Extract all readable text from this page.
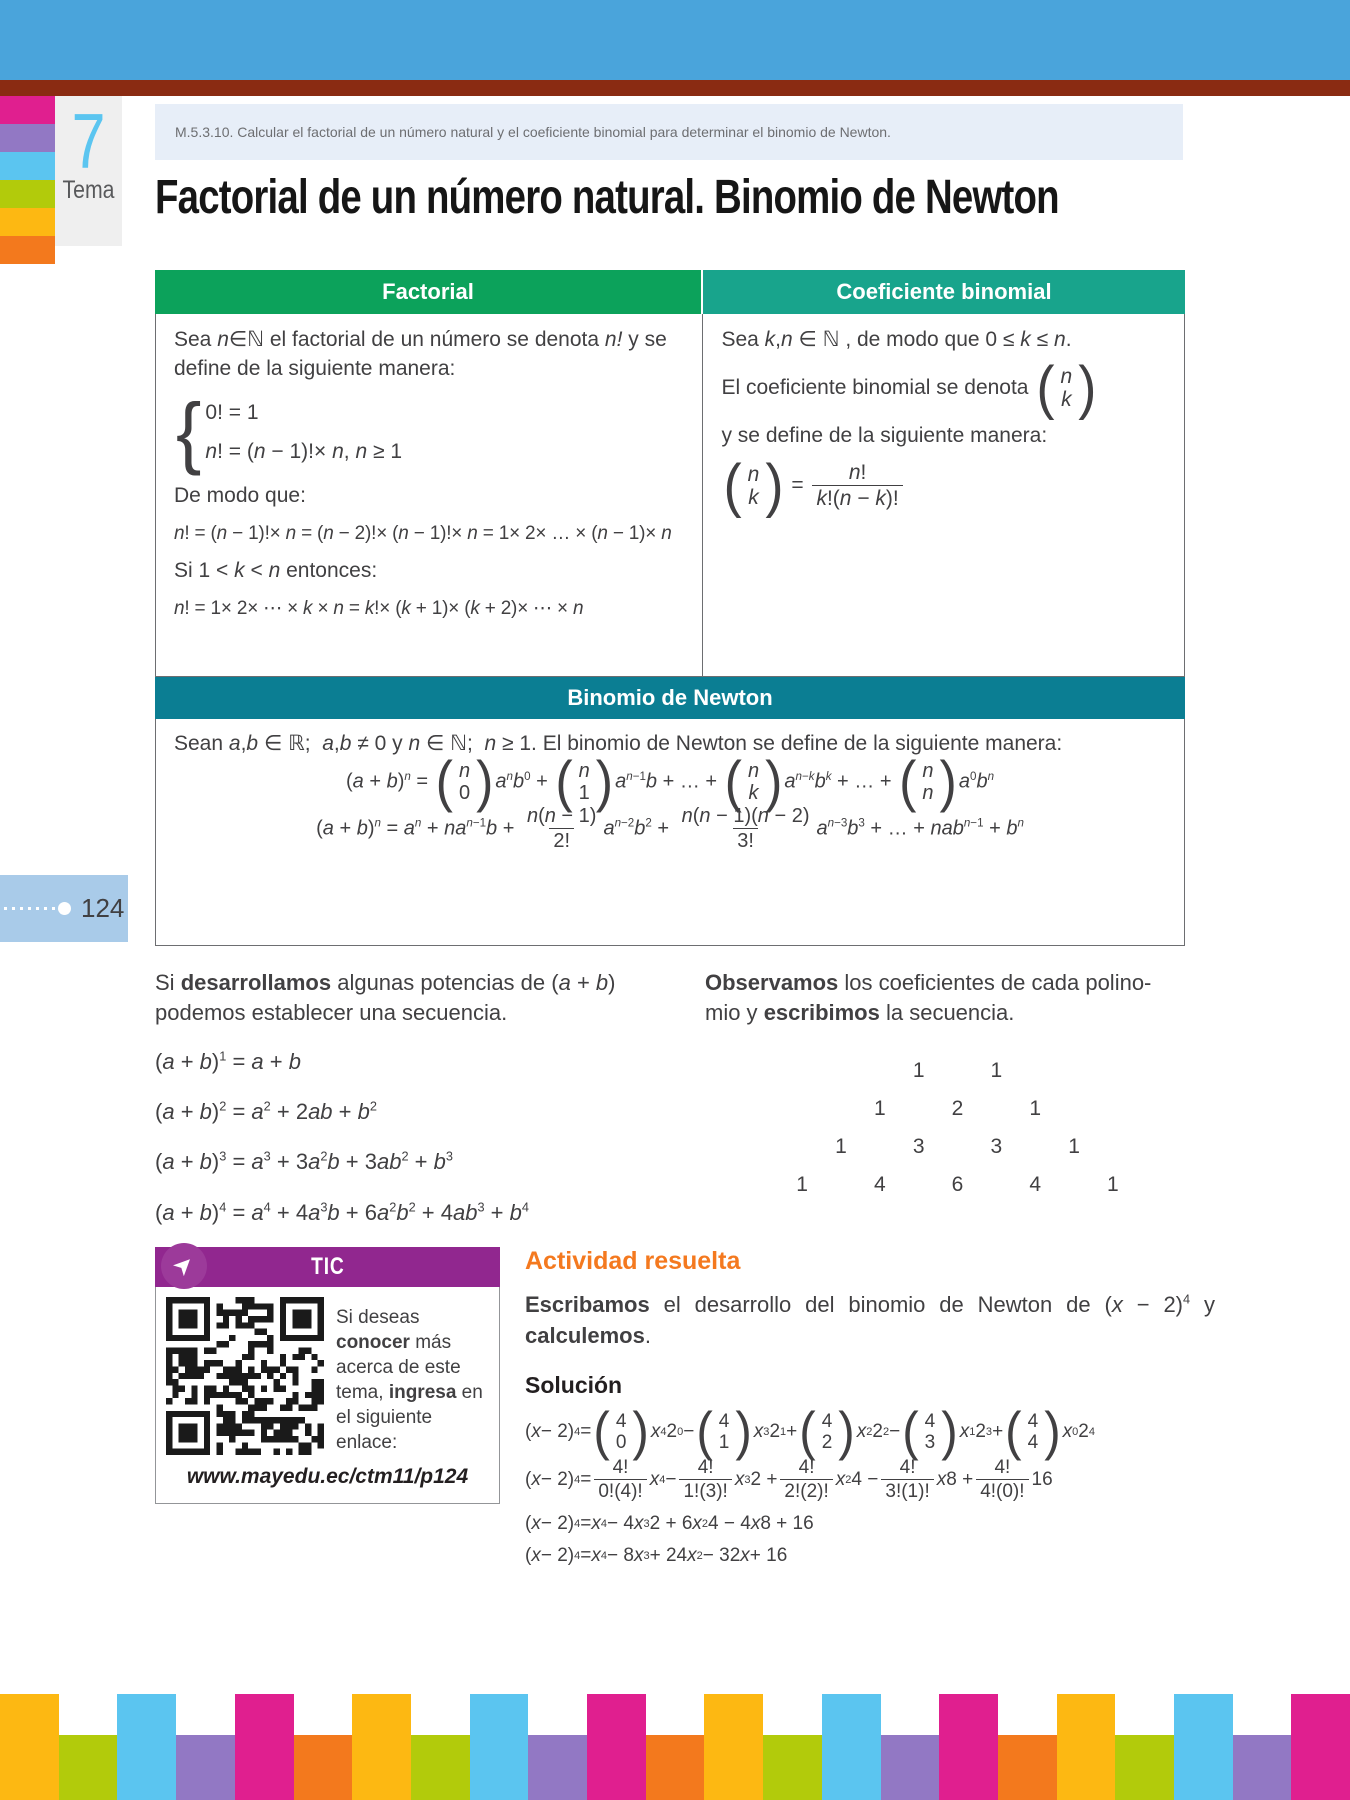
7
Tema
M.5.3.10. Calcular el factorial de un número natural y el coeficiente binomial para determinar el binomio de Newton.
Factorial de un número natural. Binomio de Newton
Factorial	Coeficiente binomial

Sea n∈ℕ el factorial de un número se denota n! y se define de la siguiente manera:

{ 0! = 1
n! = (n − 1)!× n, n ≥ 1

De modo que:

n! = (n − 1)!× n = (n − 2)!× (n − 1)!× n = 1× 2× … × (n − 1)× n

Si 1 < k < n entonces:

n! = 1× 2× ⋯ × k × n = k!× (k + 1)× (k + 2)× ⋯ × n

Sea k,n ∈ ℕ , de modo que 0 ≤ k ≤ n.

El coeficiente binomial se denota ( n
k )

y se define de la siguiente manera:

( n
k ) = $\frac{n!}{k!(n - k)!}$

Binomio de Newton

Sean a,b ∈ ℝ;  a,b ≠ 0 y n ∈ ℕ;  n ≥ 1. El binomio de Newton se define de la siguiente manera:

$(a + b)^n$ = ( n
0 ) $a^nb^0$ + ( n
1 ) $a^{n-1}b$ + … + ( n
k ) $a^{n-k}b^k$ + … + ( n
n ) $a^0b^n$
$(a + b)^n = a^n + na^{n-1}b + \frac{n(n - 1)}{2!} a^{n-2}b^2 + \frac{n(n - 1)(n - 2)}{3!} a^{n-3}b^3$ + … + $nab^{n-1} + b^n$
124

Si desarrollamos algunas potencias de (a + b) podemos establecer una secuencia.

$(a + b)^1 = a + b$
$(a + b)^2 = a^2 + 2ab + b^2$
$(a + b)^3 = a^3 + 3a^2b + 3ab^2 + b^3$
$(a + b)^4 = a^4 + 4a^3b + 6a^2b^2 + 4ab^3 + b^4$

Observamos los coeficientes de cada polino-
mio y escribimos la secuencia.

1	1
1	2	1
1	3	3	1
1	4	6	4	1
➤	TIC
Si deseas conocer más acerca de este tema, ingresa en el siguiente enlace:
www.mayedu.ec/ctm11/p124
Actividad resuelta

Escribamos el desarrollo del binomio de Newton de $(x - 2)^4$ y calculemos.

Solución
( x − 2) 4 = ( 4
0 ) x 4 2 0 − ( 4
1 ) x 3 2 1 + ( 4
2 ) x 2 2 2 − ( 4
3 ) x 1 2 3 + ( 4
4 ) x 0 2 4
( x − 2) 4 =
4!
0!(4)!
x 4 −
4!
1!(3)!
x 3 2 +
4!
2!(2)!
x 2 4 −
4!
3!(1)!
x 8 +
4!
4!(0)!
16
( x − 2) 4 = x 4 − 4 x 3 2 + 6 x 2 4 − 4 x 8 + 16
( x − 2) 4 = x 4 − 8 x 3 + 24 x 2 − 32 x + 16
